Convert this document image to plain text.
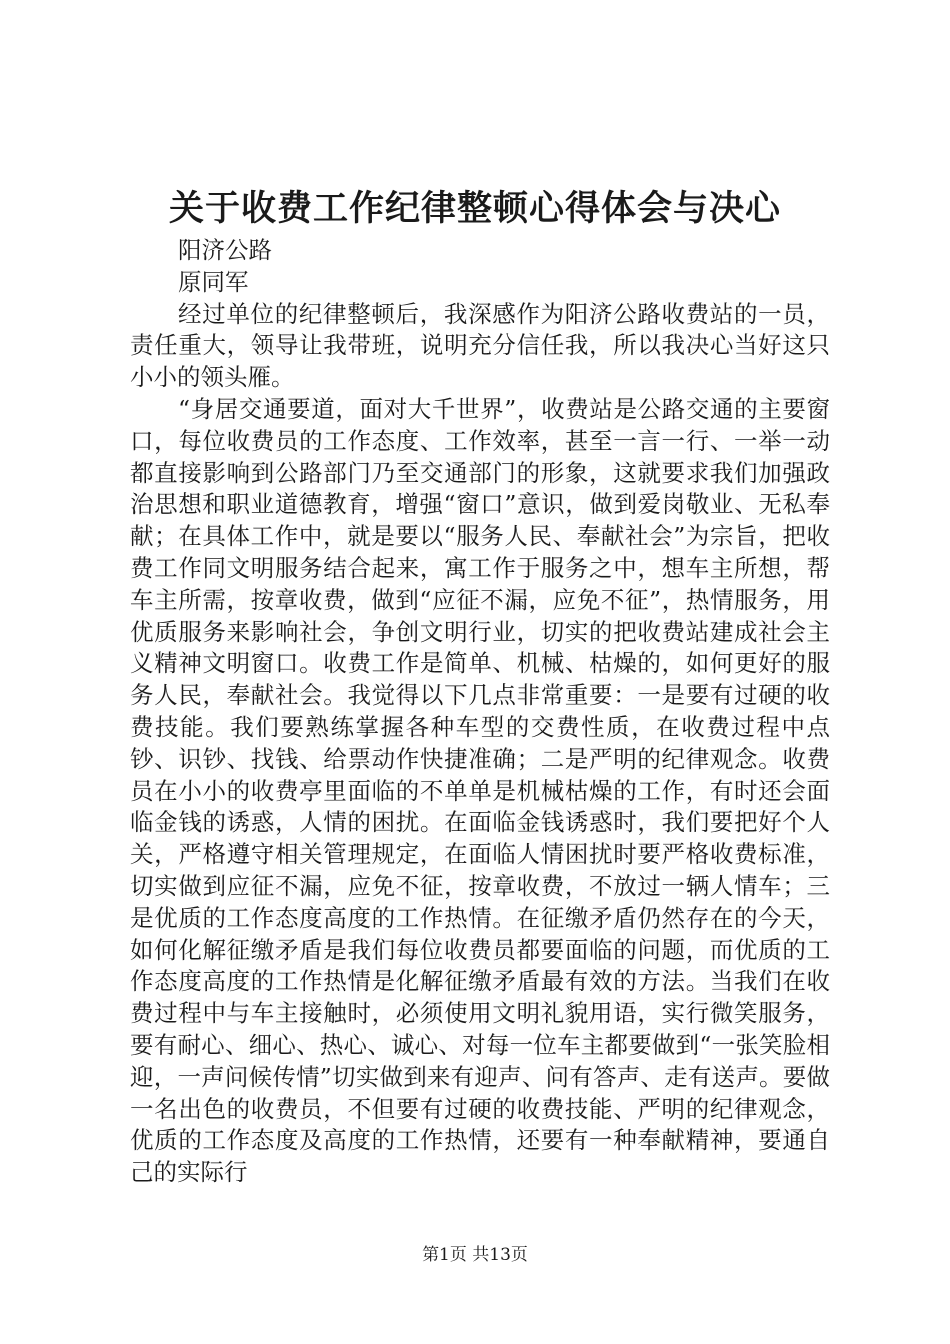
关于收费工作纪律整顿心得体会与决心

阳济公路

原同军

经过单位的纪律整顿后，我深感作为阳济公路收费站的一员，责任重大，领导让我带班，说明充分信任我，所以我决心当好这只小小的领头雁。

“身居交通要道，面对大千世界”，收费站是公路交通的主要窗口，每位收费员的工作态度、工作效率，甚至一言一行、一举一动都直接影响到公路部门乃至交通部门的形象，这就要求我们加强政治思想和职业道德教育，增强“窗口”意识，做到爱岗敬业、无私奉献；在具体工作中，就是要以“服务人民、奉献社会”为宗旨，把收费工作同文明服务结合起来，寓工作于服务之中，想车主所想，帮车主所需，按章收费，做到“应征不漏，应免不征”，热情服务，用优质服务来影响社会，争创文明行业，切实的把收费站建成社会主义精神文明窗口。收费工作是简单、机械、枯燥的，如何更好的服务人民，奉献社会。我觉得以下几点非常重要：一是要有过硬的收费技能。我们要熟练掌握各种车型的交费性质，在收费过程中点钞、识钞、找钱、给票动作快捷准确；二是严明的纪律观念。收费员在小小的收费亭里面临的不单单是机械枯燥的工作，有时还会面临金钱的诱惑，人情的困扰。在面临金钱诱惑时，我们要把好个人关，严格遵守相关管理规定，在面临人情困扰时要严格收费标准，切实做到应征不漏，应免不征，按章收费，不放过一辆人情车；三是优质的工作态度高度的工作热情。在征缴矛盾仍然存在的今天，如何化解征缴矛盾是我们每位收费员都要面临的问题，而优质的工作态度高度的工作热情是化解征缴矛盾最有效的方法。当我们在收费过程中与车主接触时，必须使用文明礼貌用语，实行微笑服务，要有耐心、细心、热心、诚心、对每一位车主都要做到“一张笑脸相迎，一声问候传情”切实做到来有迎声、问有答声、走有送声。要做一名出色的收费员，不但要有过硬的收费技能、严明的纪律观念，优质的工作态度及高度的工作热情，还要有一种奉献精神，要通自己的实际行

第1页 共13页
